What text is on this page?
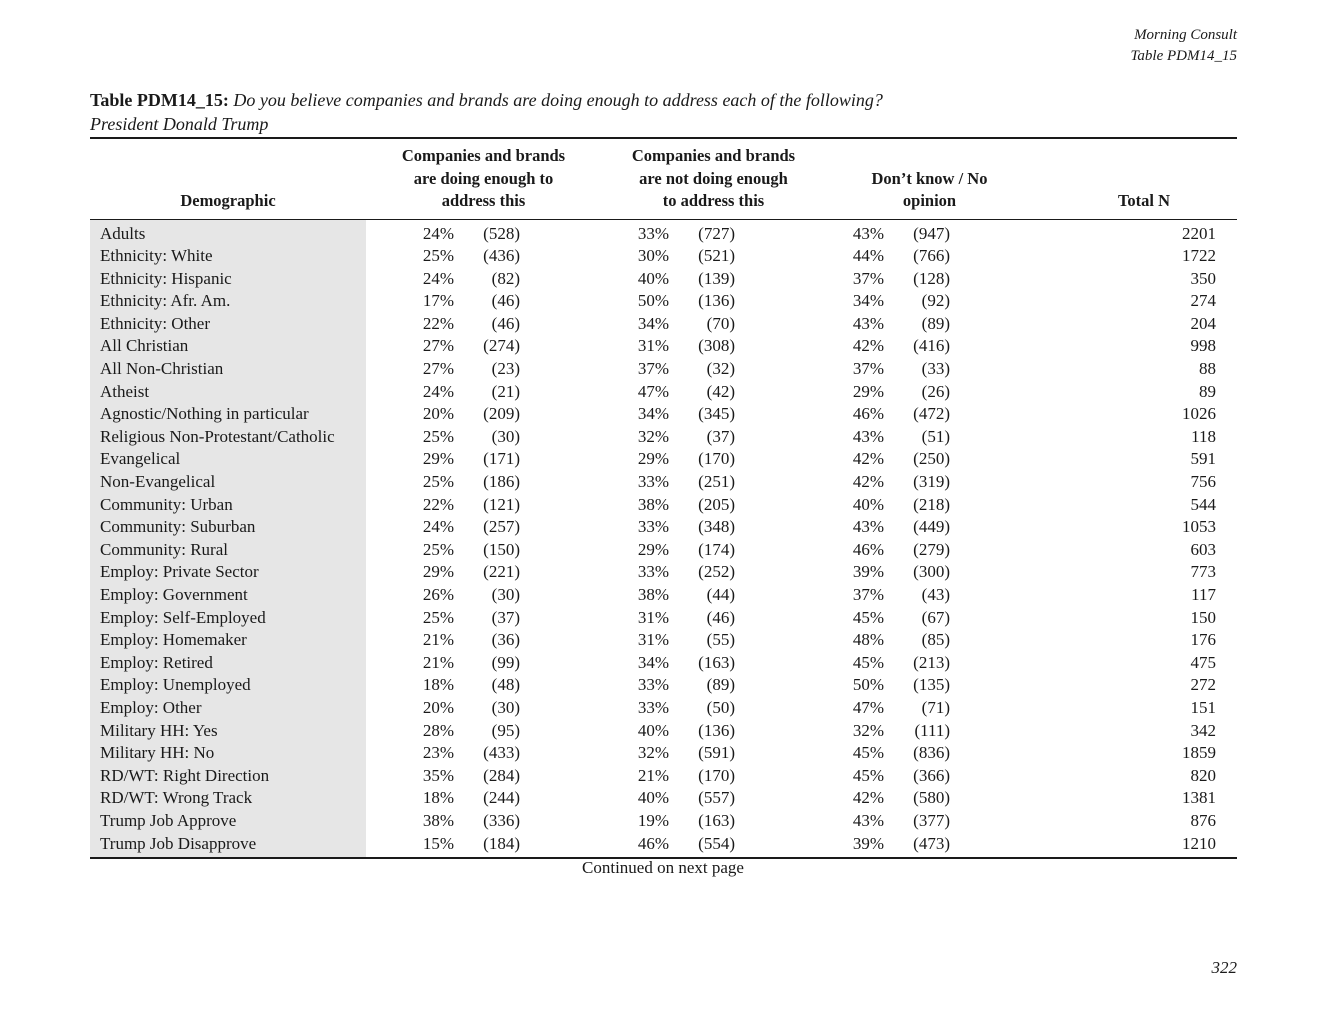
Morning Consult
Table PDM14_15
Table PDM14_15: Do you believe companies and brands are doing enough to address each of the following?
President Donald Trump
Demographic	Companies and brands
are doing enough to
address this			Companies and brands
are not doing enough
to address this			Don’t know / No
opinion			Total N
Adults	24%	(528)		33%	(727)		43%	(947)		2201
Ethnicity: White	25%	(436)		30%	(521)		44%	(766)		1722
Ethnicity: Hispanic	24%	(82)		40%	(139)		37%	(128)		350
Ethnicity: Afr. Am.	17%	(46)		50%	(136)		34%	(92)		274
Ethnicity: Other	22%	(46)		34%	(70)		43%	(89)		204
All Christian	27%	(274)		31%	(308)		42%	(416)		998
All Non-Christian	27%	(23)		37%	(32)		37%	(33)		88
Atheist	24%	(21)		47%	(42)		29%	(26)		89
Agnostic/Nothing in particular	20%	(209)		34%	(345)		46%	(472)		1026
Religious Non-Protestant/Catholic	25%	(30)		32%	(37)		43%	(51)		118
Evangelical	29%	(171)		29%	(170)		42%	(250)		591
Non-Evangelical	25%	(186)		33%	(251)		42%	(319)		756
Community: Urban	22%	(121)		38%	(205)		40%	(218)		544
Community: Suburban	24%	(257)		33%	(348)		43%	(449)		1053
Community: Rural	25%	(150)		29%	(174)		46%	(279)		603
Employ: Private Sector	29%	(221)		33%	(252)		39%	(300)		773
Employ: Government	26%	(30)		38%	(44)		37%	(43)		117
Employ: Self-Employed	25%	(37)		31%	(46)		45%	(67)		150
Employ: Homemaker	21%	(36)		31%	(55)		48%	(85)		176
Employ: Retired	21%	(99)		34%	(163)		45%	(213)		475
Employ: Unemployed	18%	(48)		33%	(89)		50%	(135)		272
Employ: Other	20%	(30)		33%	(50)		47%	(71)		151
Military HH: Yes	28%	(95)		40%	(136)		32%	(111)		342
Military HH: No	23%	(433)		32%	(591)		45%	(836)		1859
RD/WT: Right Direction	35%	(284)		21%	(170)		45%	(366)		820
RD/WT: Wrong Track	18%	(244)		40%	(557)		42%	(580)		1381
Trump Job Approve	38%	(336)		19%	(163)		43%	(377)		876
Trump Job Disapprove	15%	(184)		46%	(554)		39%	(473)		1210
Continued on next page
322
